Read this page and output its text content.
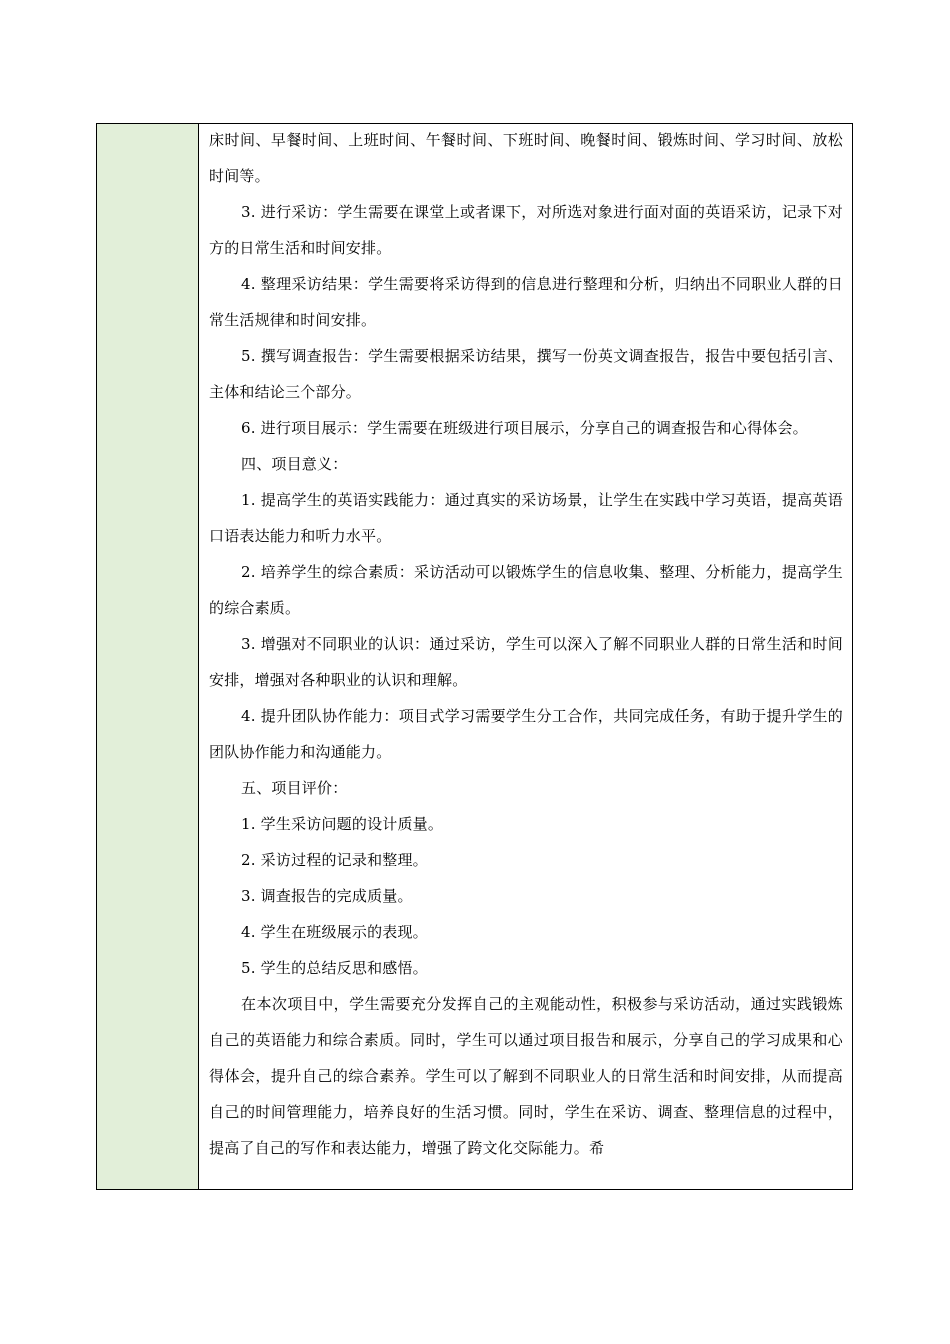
床时间、早餐时间、上班时间、午餐时间、下班时间、晚餐时间、锻炼时间、学习时间、放松时间等。

3. 进行采访：学生需要在课堂上或者课下，对所选对象进行面对面的英语采访，记录下对方的日常生活和时间安排。

4. 整理采访结果：学生需要将采访得到的信息进行整理和分析，归纳出不同职业人群的日常生活规律和时间安排。

5. 撰写调查报告：学生需要根据采访结果，撰写一份英文调查报告，报告中要包括引言、主体和结论三个部分。

6. 进行项目展示：学生需要在班级进行项目展示，分享自己的调查报告和心得体会。

四、项目意义：

1. 提高学生的英语实践能力：通过真实的采访场景，让学生在实践中学习英语，提高英语口语表达能力和听力水平。

2. 培养学生的综合素质：采访活动可以锻炼学生的信息收集、整理、分析能力，提高学生的综合素质。

3. 增强对不同职业的认识：通过采访，学生可以深入了解不同职业人群的日常生活和时间安排，增强对各种职业的认识和理解。

4. 提升团队协作能力：项目式学习需要学生分工合作，共同完成任务，有助于提升学生的团队协作能力和沟通能力。

五、项目评价：

1. 学生采访问题的设计质量。

2. 采访过程的记录和整理。

3. 调查报告的完成质量。

4. 学生在班级展示的表现。

5. 学生的总结反思和感悟。

在本次项目中，学生需要充分发挥自己的主观能动性，积极参与采访活动，通过实践锻炼自己的英语能力和综合素质。同时，学生可以通过项目报告和展示，分享自己的学习成果和心得体会，提升自己的综合素养。学生可以了解到不同职业人的日常生活和时间安排，从而提高自己的时间管理能力，培养良好的生活习惯。同时，学生在采访、调查、整理信息的过程中，提高了自己的写作和表达能力，增强了跨文化交际能力。希
